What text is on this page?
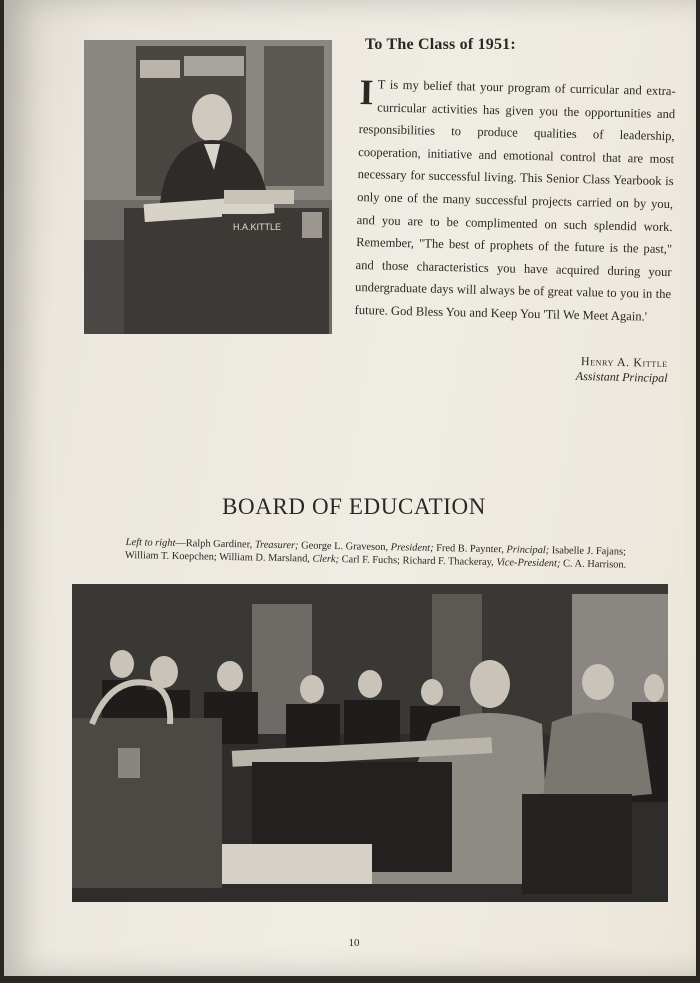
H.A.KITTLE
To The Class of 1951:
I T is my belief that your program of curricular and extra-curricular activities has given you the opportunities and responsibilities to produce qualities of leadership, cooperation, initiative and emotional control that are most necessary for successful living. This Senior Class Yearbook is only one of the many successful projects carried on by you, and you are to be complimented on such splendid work. Remember, "The best of prophets of the future is the past," and those characteristics you have acquired during your undergraduate days will always be of great value to you in the future. God Bless You and Keep You 'Til We Meet Again.'
Henry A. Kittle
Assistant Principal
BOARD OF EDUCATION
Left to right—Ralph Gardiner, Treasurer; George L. Graveson, President; Fred B. Paynter, Principal; Isabelle J. Fajans; William T. Koepchen; William D. Marsland, Clerk; Carl F. Fuchs; Richard F. Thackeray, Vice-President; C. A. Harrison.
10
